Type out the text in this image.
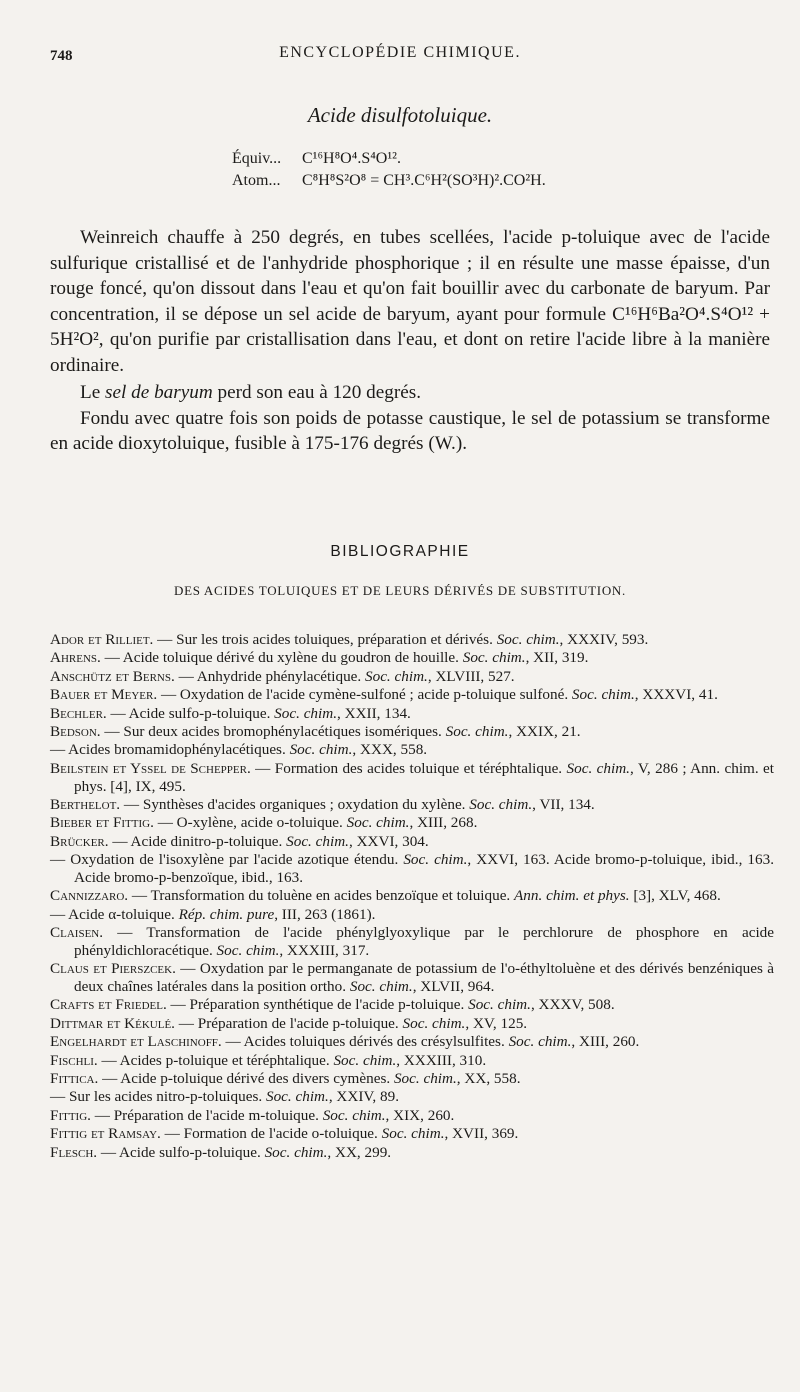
748	ENCYCLOPÉDIE CHIMIQUE.
Acide disulfotoluique.
Équiv... C¹⁶H⁸O⁴.S⁴O¹².
Atom... C⁸H⁸S²O⁸ = CH³.C⁶H²(SO³H)².CO²H.

Weinreich chauffe à 250 degrés, en tubes scellées, l'acide p-toluique avec de l'acide sulfurique cristallisé et de l'anhydride phosphorique ; il en résulte une masse épaisse, d'un rouge foncé, qu'on dissout dans l'eau et qu'on fait bouillir avec du carbonate de baryum. Par concentration, il se dépose un sel acide de baryum, ayant pour formule C¹⁶H⁶Ba²O⁴.S⁴O¹² + 5H²O², qu'on purifie par cristallisation dans l'eau, et dont on retire l'acide libre à la manière ordinaire.

Le sel de baryum perd son eau à 120 degrés.

Fondu avec quatre fois son poids de potasse caustique, le sel de potassium se transforme en acide dioxytoluique, fusible à 175-176 degrés (W.).

BIBLIOGRAPHIE
DES ACIDES TOLUIQUES ET DE LEURS DÉRIVÉS DE SUBSTITUTION.
Ador et Rilliet. — Sur les trois acides toluiques, préparation et dérivés. Soc. chim., XXXIV, 593.
Ahrens. — Acide toluique dérivé du xylène du goudron de houille. Soc. chim., XII, 319.
Anschütz et Berns. — Anhydride phénylacétique. Soc. chim., XLVIII, 527.
Bauer et Meyer. — Oxydation de l'acide cymène-sulfoné ; acide p-toluique sulfoné. Soc. chim., XXXVI, 41.
Bechler. — Acide sulfo-p-toluique. Soc. chim., XXII, 134.
Bedson. — Sur deux acides bromophénylacétiques isomériques. Soc. chim., XXIX, 21.
— Acides bromamidophénylacétiques. Soc. chim., XXX, 558.
Beilstein et Yssel de Schepper. — Formation des acides toluique et téréphtalique. Soc. chim., V, 286 ; Ann. chim. et phys. [4], IX, 495.
Berthelot. — Synthèses d'acides organiques ; oxydation du xylène. Soc. chim., VII, 134.
Bieber et Fittig. — O-xylène, acide o-toluique. Soc. chim., XIII, 268.
Brücker. — Acide dinitro-p-toluique. Soc. chim., XXVI, 304.
— Oxydation de l'isoxylène par l'acide azotique étendu. Soc. chim., XXVI, 163. Acide bromo-p-toluique, ibid., 163. Acide bromo-p-benzoïque, ibid., 163.
Cannizzaro. — Transformation du toluène en acides benzoïque et toluique. Ann. chim. et phys. [3], XLV, 468.
— Acide α-toluique. Rép. chim. pure, III, 263 (1861).
Claisen. — Transformation de l'acide phénylglyoxylique par le perchlorure de phosphore en acide phényldichloracétique. Soc. chim., XXXIII, 317.
Claus et Pierszcek. — Oxydation par le permanganate de potassium de l'o-éthyltoluène et des dérivés benzéniques à deux chaînes latérales dans la position ortho. Soc. chim., XLVII, 964.
Crafts et Friedel. — Préparation synthétique de l'acide p-toluique. Soc. chim., XXXV, 508.
Dittmar et Kékulé. — Préparation de l'acide p-toluique. Soc. chim., XV, 125.
Engelhardt et Laschinoff. — Acides toluiques dérivés des crésylsulfites. Soc. chim., XIII, 260.
Fischli. — Acides p-toluique et téréphtalique. Soc. chim., XXXIII, 310.
Fittica. — Acide p-toluique dérivé des divers cymènes. Soc. chim., XX, 558.
— Sur les acides nitro-p-toluiques. Soc. chim., XXIV, 89.
Fittig. — Préparation de l'acide m-toluique. Soc. chim., XIX, 260.
Fittig et Ramsay. — Formation de l'acide o-toluique. Soc. chim., XVII, 369.
Flesch. — Acide sulfo-p-toluique. Soc. chim., XX, 299.
